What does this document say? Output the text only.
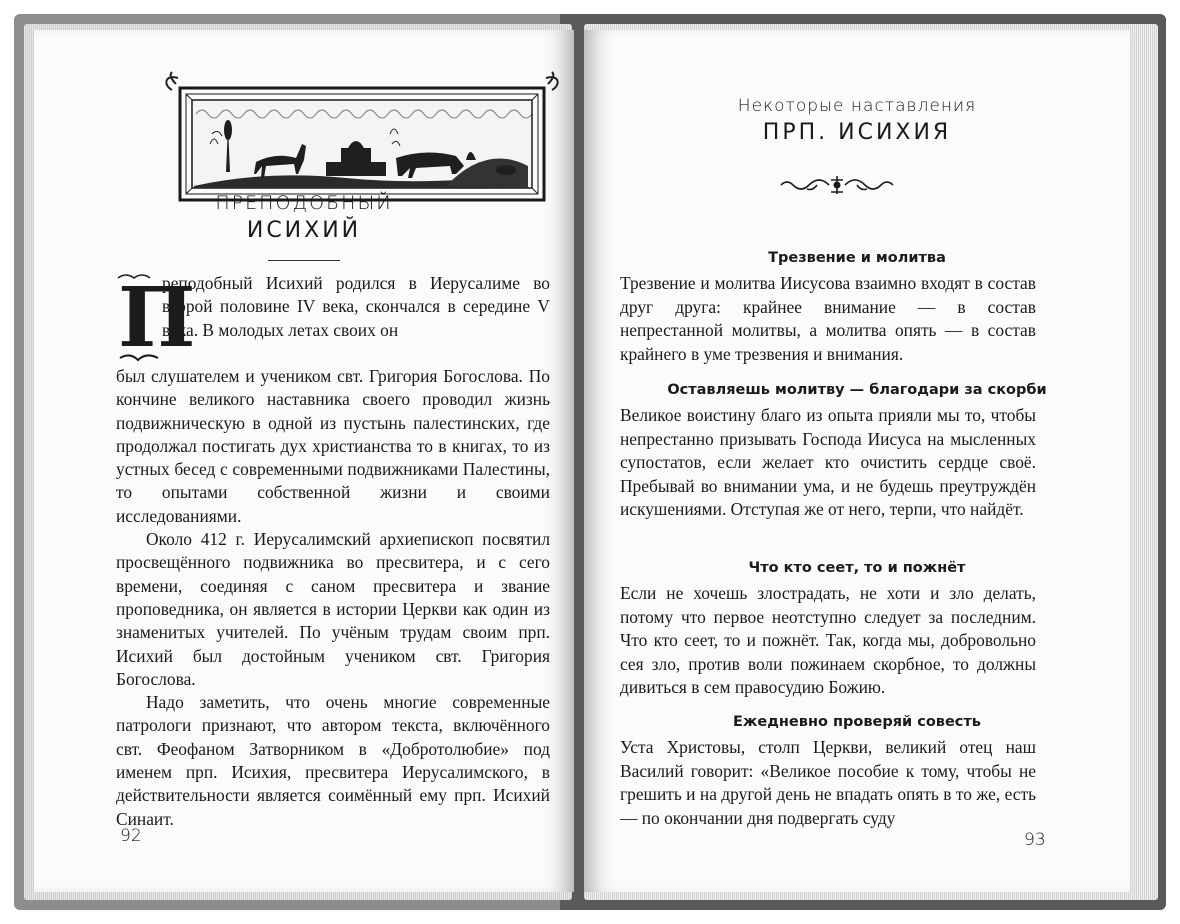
ПРЕПОДОБНЫЙ
ИСИХИЙ
П
реподобный Исихий родился в Иерусалиме во второй половине IV века, скончался в середине V века. В молодых летах своих он

был слушателем и учеником свт. Григория Богослова. По кончине великого наставника своего проводил жизнь подвижническую в одной из пустынь палестинских, где продолжал постигать дух христианства то в книгах, то из устных бесед с современными подвижниками Палестины, то опытами собственной жизни и своими исследованиями.

Около 412 г. Иерусалимский архиепископ посвятил просвещённого подвижника во пресвитера, и с сего времени, соединяя с саном пресвитера и звание проповедника, он является в истории Церкви как один из знаменитых учителей. По учёным трудам своим прп. Исихий был достойным учеником свт. Григория Богослова.

Надо заметить, что очень многие современные патрологи признают, что автором текста, включённого свт. Феофаном Затворником в «Добротолюбие» под именем прп. Исихия, пресвитера Иерусалимского, в действительности является соимённый ему прп. Исихий Синаит.

92
Некоторые наставления
ПРП. ИСИХИЯ
Трезвение и молитва
Трезвение и молитва Иисусова взаимно входят в состав друг друга: крайнее внимание — в состав непрестанной молитвы, а молитва опять — в состав крайнего в уме трезвения и внимания.
Оставляешь молитву — благодари за скорби
Великое воистину благо из опыта прияли мы то, чтобы непрестанно призывать Господа Иисуса на мысленных супостатов, если желает кто очистить сердце своё. Пребывай во внимании ума, и не будешь преутруждён искушениями. Отступая же от него, терпи, что найдёт.
Что кто сеет, то и пожнёт
Если не хочешь злострадать, не хоти и зло делать, потому что первое неотступно следует за последним. Что кто сеет, то и пожнёт. Так, когда мы, добровольно сея зло, против воли пожинаем скорбное, то должны дивиться в сем правосудию Божию.
Ежедневно проверяй совесть
Уста Христовы, столп Церкви, великий отец наш Василий говорит: «Великое пособие к тому, чтобы не грешить и на другой день не впадать опять в то же, есть — по окончании дня подвергать суду
93
